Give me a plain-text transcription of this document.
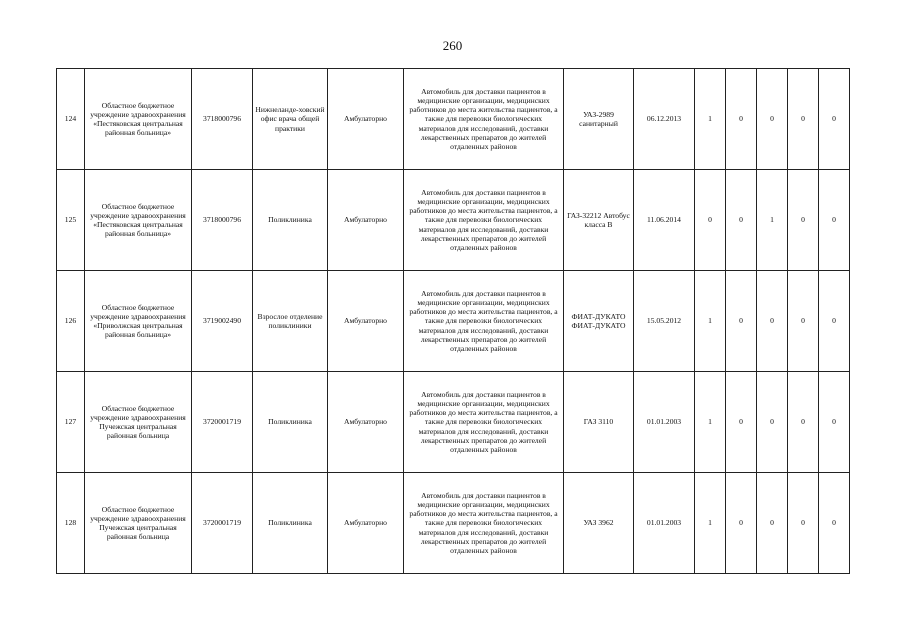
260
124	Областное бюджетное учреждение здравоохранения «Пестяковская центральная районная больница»	3718000796	Нижнеланде-ховский офис врача общей практики	Амбулаторно	Автомобиль для доставки пациентов в медицинские организации, медицинских работников до места жительства пациентов, а также для перевозки биологических материалов для исследований, доставки лекарственных препаратов до жителей отдаленных районов	УАЗ-2989 санитарный	06.12.2013	1	0	0	0	0
125	Областное бюджетное учреждение здравоохранения «Пестяковская центральная районная больница»	3718000796	Поликлиника	Амбулаторно	Автомобиль для доставки пациентов в медицинские организации, медицинских работников до места жительства пациентов, а также для перевозки биологических материалов для исследований, доставки лекарственных препаратов до жителей отдаленных районов	ГАЗ-32212 Автобус класса В	11.06.2014	0	0	1	0	0
126	Областное бюджетное учреждение здравоохранения «Приволжская центральная районная больница»	3719002490	Взрослое отделение поликлиники	Амбулаторно	Автомобиль для доставки пациентов в медицинские организации, медицинских работников до места жительства пациентов, а также для перевозки биологических материалов для исследований, доставки лекарственных препаратов до жителей отдаленных районов	ФИАТ-ДУКАТО ФИАТ-ДУКАТО	15.05.2012	1	0	0	0	0
127	Областное бюджетное учреждение здравоохранения Пучежская центральная районная больница	3720001719	Поликлиника	Амбулаторно	Автомобиль для доставки пациентов в медицинские организации, медицинских работников до места жительства пациентов, а также для перевозки биологических материалов для исследований, доставки лекарственных препаратов до жителей отдаленных районов	ГАЗ 3110	01.01.2003	1	0	0	0	0
128	Областное бюджетное учреждение здравоохранения Пучежская центральная районная больница	3720001719	Поликлиника	Амбулаторно	Автомобиль для доставки пациентов в медицинские организации, медицинских работников до места жительства пациентов, а также для перевозки биологических материалов для исследований, доставки лекарственных препаратов до жителей отдаленных районов	УАЗ 3962	01.01.2003	1	0	0	0	0
